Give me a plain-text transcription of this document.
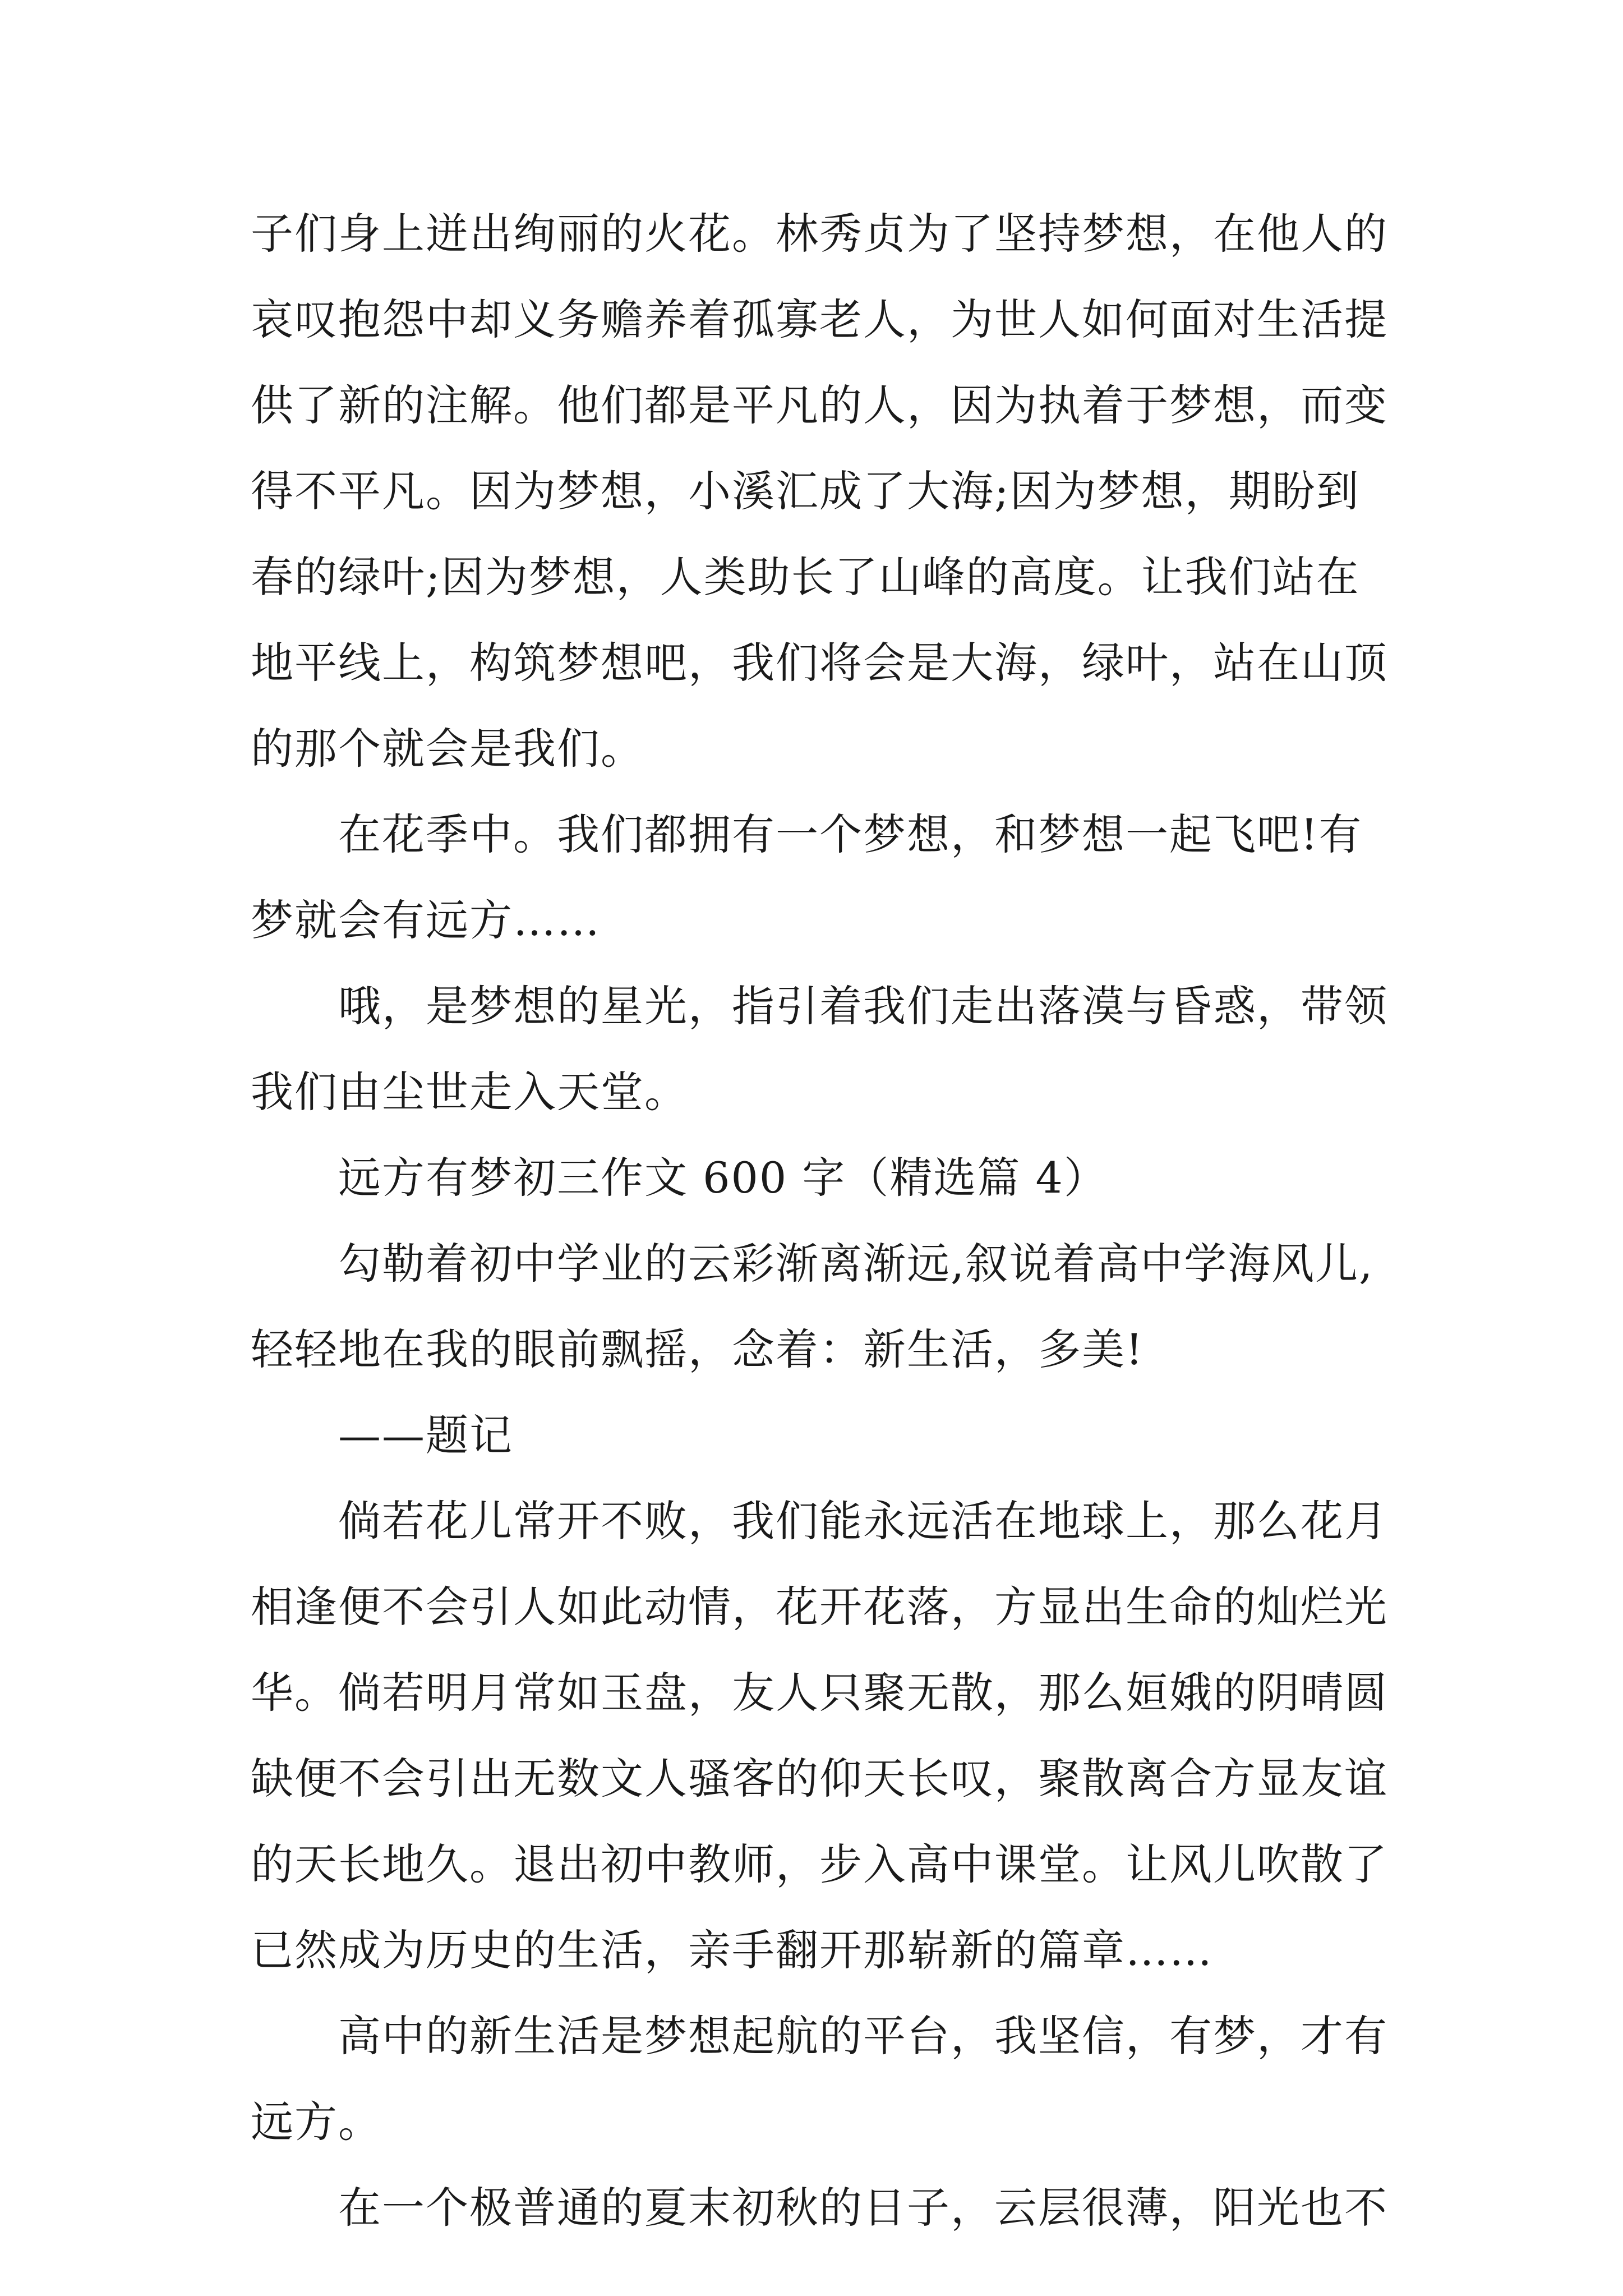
子们身上迸出绚丽的火花。林秀贞为了坚持梦想，在他人的
哀叹抱怨中却义务赡养着孤寡老人，为世人如何面对生活提
供了新的注解。他们都是平凡的人，因为执着于梦想，而变
得不平凡。因为梦想，小溪汇成了大海;因为梦想，期盼到
春的绿叶;因为梦想，人类助长了山峰的高度。让我们站在
地平线上，构筑梦想吧，我们将会是大海，绿叶，站在山顶
的那个就会是我们。
在花季中。我们都拥有一个梦想，和梦想一起飞吧!有
梦就会有远方……
哦，是梦想的星光，指引着我们走出落漠与昏惑，带领
我们由尘世走入天堂。
远方有梦初三作文 600 字（精选篇 4）
勾勒着初中学业的云彩渐离渐远,叙说着高中学海风儿,
轻轻地在我的眼前飘摇，念着：新生活，多美!
——题记
倘若花儿常开不败，我们能永远活在地球上，那么花月
相逢便不会引人如此动情，花开花落，方显出生命的灿烂光
华。倘若明月常如玉盘，友人只聚无散，那么姮娥的阴晴圆
缺便不会引出无数文人骚客的仰天长叹，聚散离合方显友谊
的天长地久。退出初中教师，步入高中课堂。让风儿吹散了
已然成为历史的生活，亲手翻开那崭新的篇章……
高中的新生活是梦想起航的平台，我坚信，有梦，才有
远方。
在一个极普通的夏末初秋的日子，云层很薄，阳光也不
